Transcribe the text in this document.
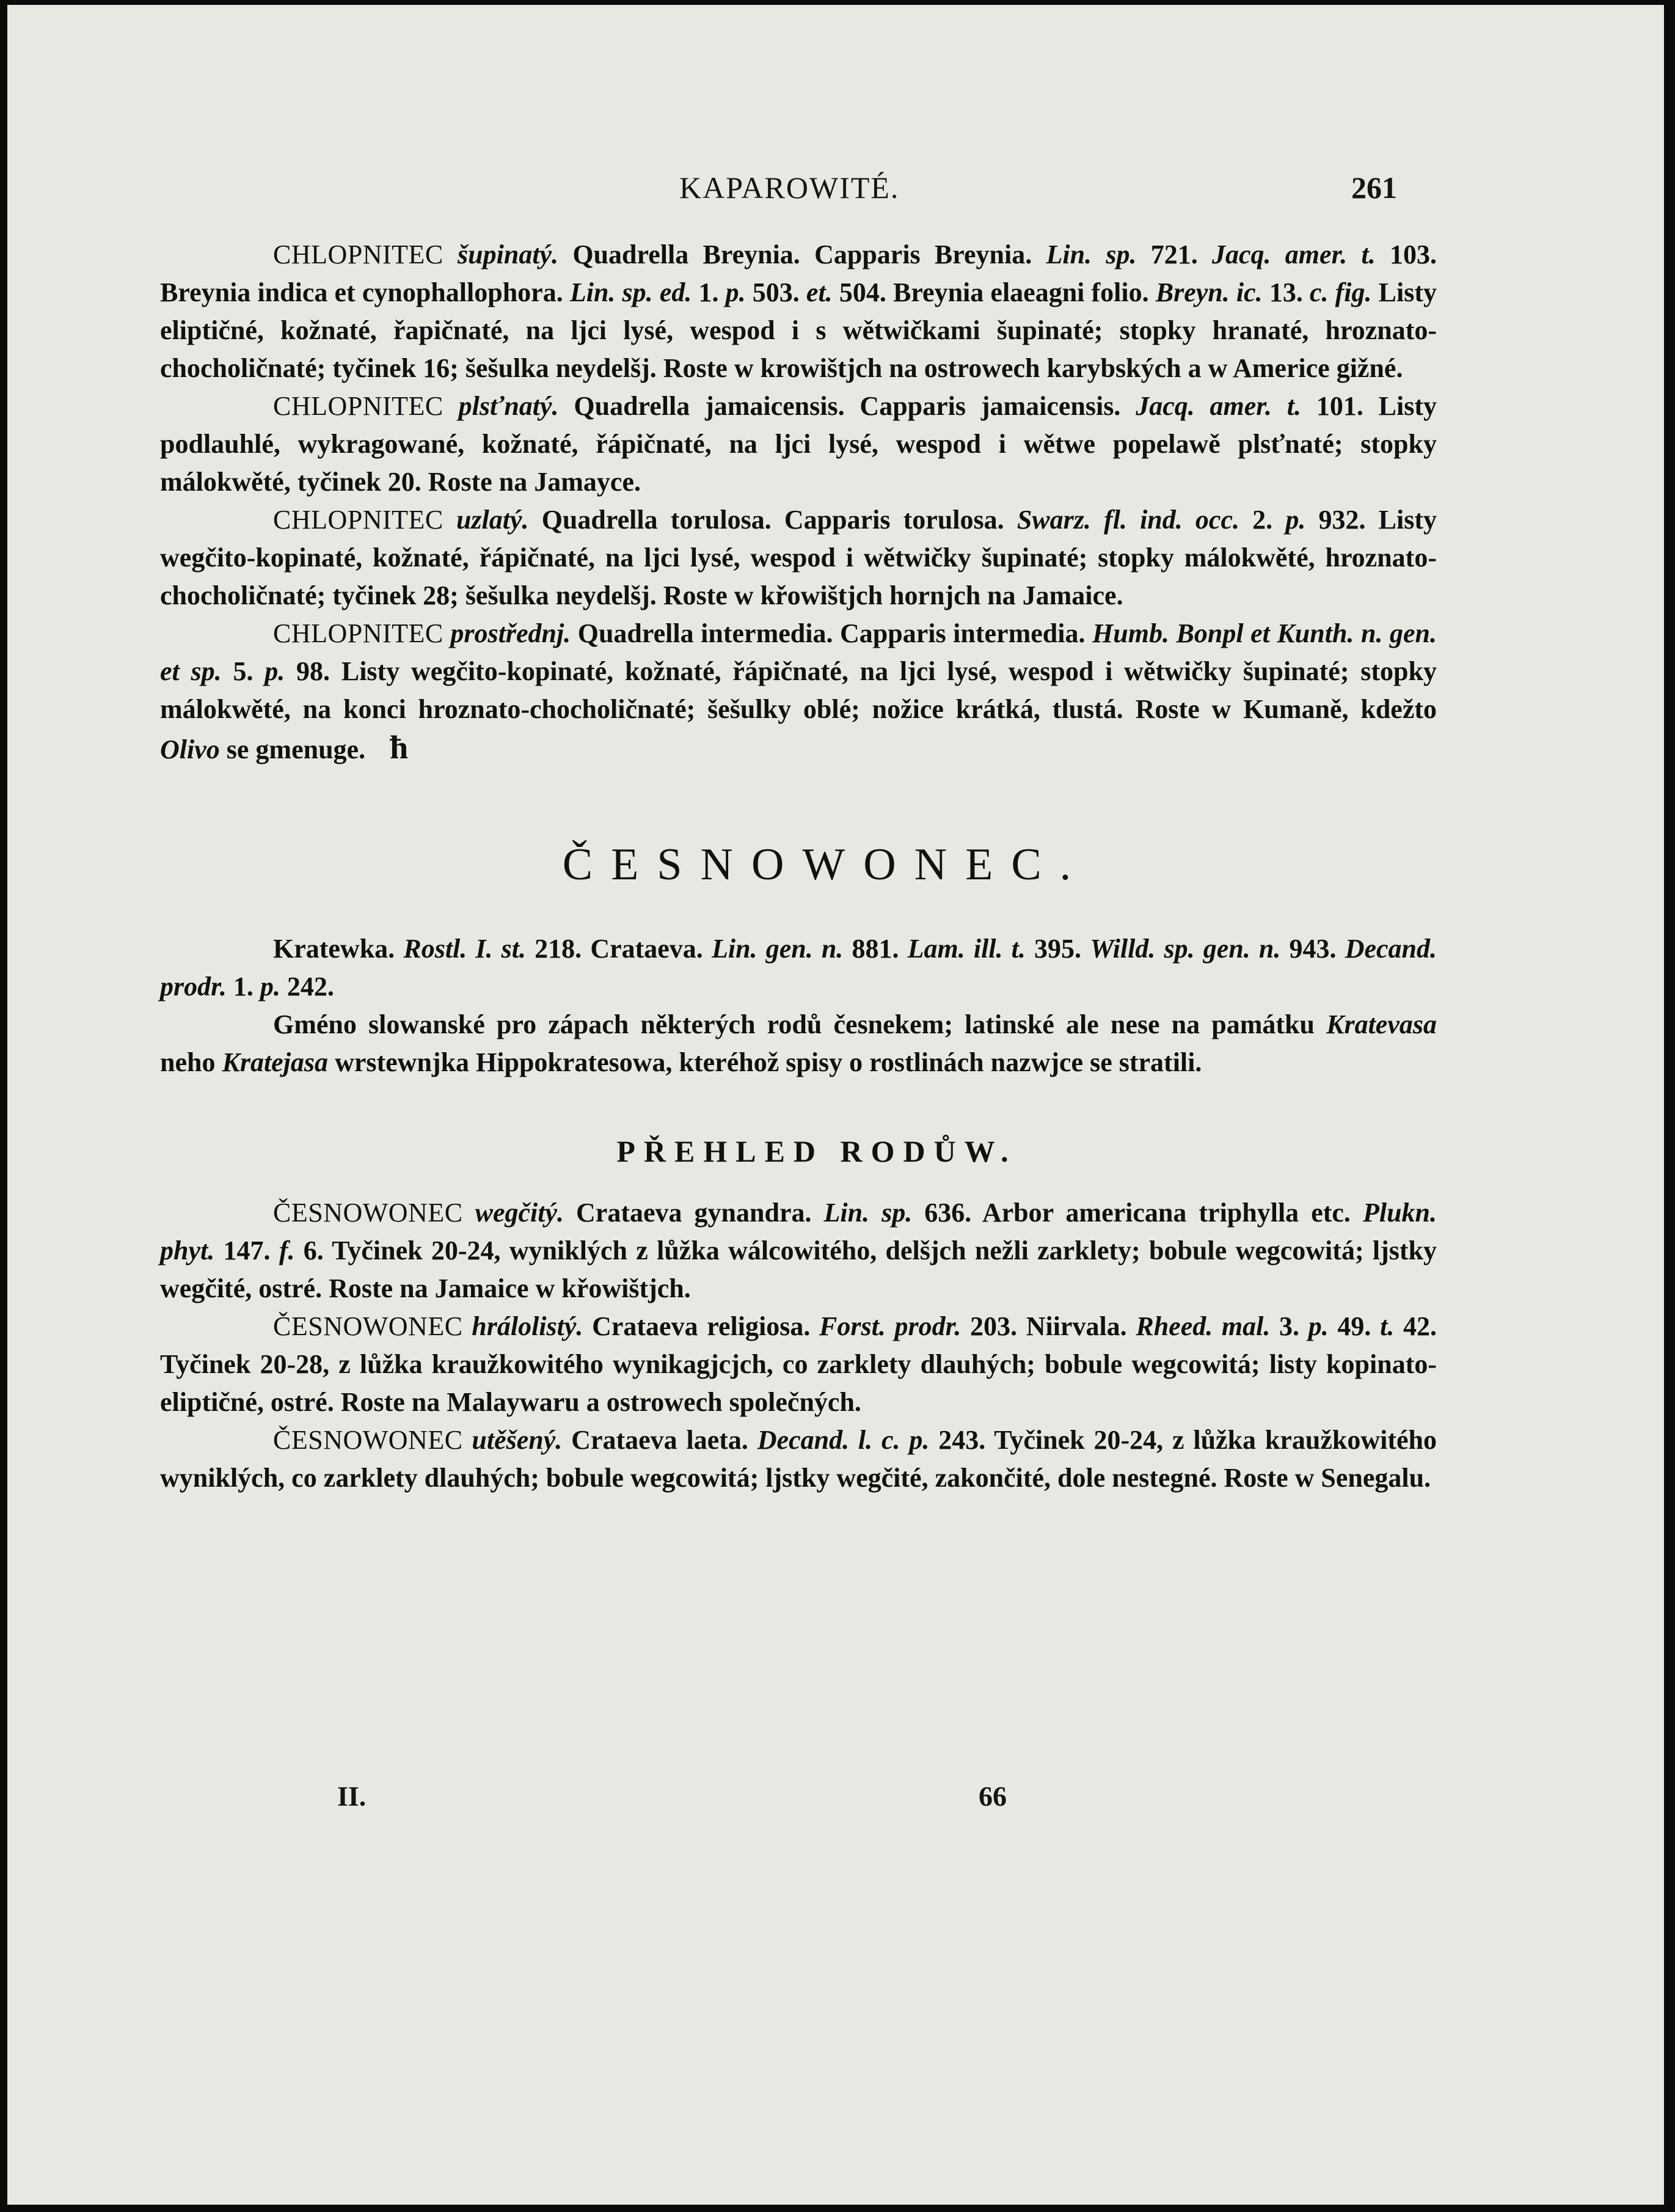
KAPAROWITÉ.	261

CHLOPNITEC šupinatý. Quadrella Breynia. Capparis Breynia. Lin. sp. 721. Jacq. amer. t. 103. Breynia indica et cynophallophora. Lin. sp. ed. 1. p. 503. et. 504. Breynia elaeagni folio. Breyn. ic. 13. c. fig. Listy eliptičné, kožnaté, řapičnaté, na ljci lysé, wespod i s wětwičkami šupinaté; stopky hranaté, hroznato-chocholičnaté; tyčinek 16; šešulka neydelšj. Roste w krowištjch na ostrowech karybských a w Americe gižné.

CHLOPNITEC plsťnatý. Quadrella jamaicensis. Capparis jamaicensis. Jacq. amer. t. 101. Listy podlauhlé, wykragowané, kožnaté, řápičnaté, na ljci lysé, wespod i wětwe popelawě plsťnaté; stopky málokwěté, tyčinek 20. Roste na Jamayce.

CHLOPNITEC uzlatý. Quadrella torulosa. Capparis torulosa. Swarz. fl. ind. occ. 2. p. 932. Listy wegčito-kopinaté, kožnaté, řápičnaté, na ljci lysé, wespod i wětwičky šupinaté; stopky málokwěté, hroznato-chocholičnaté; tyčinek 28; šešulka neydelšj. Roste w křowištjch hornjch na Jamaice.

CHLOPNITEC prostřednj. Quadrella intermedia. Capparis intermedia. Humb. Bonpl et Kunth. n. gen. et sp. 5. p. 98. Listy wegčito-kopinaté, kožnaté, řápičnaté, na ljci lysé, wespod i wětwičky šupinaté; stopky málokwěté, na konci hroznato-chocholičnaté; šešulky oblé; nožice krátká, tlustá. Roste w Kumaně, kdežto Olivo se gmenuge. ħ

ČESNOWONEC.

Kratewka. Rostl. I. st. 218. Crataeva. Lin. gen. n. 881. Lam. ill. t. 395. Willd. sp. gen. n. 943. Decand. prodr. 1. p. 242.

Gméno slowanské pro zápach některých rodů česnekem; latinské ale nese na památku Kratevasa neho Kratejasa wrstewnjka Hippokratesowa, kteréhož spisy o rostlinách nazwjce se stratili.

PŘEHLED RODŮW.

ČESNOWONEC wegčitý. Crataeva gynandra. Lin. sp. 636. Arbor americana triphylla etc. Plukn. phyt. 147. f. 6. Tyčinek 20-24, wyniklých z lůžka wálcowitého, delšjch nežli zarklety; bobule wegcowitá; ljstky wegčité, ostré. Roste na Jamaice w křowištjch.

ČESNOWONEC hrálolistý. Crataeva religiosa. Forst. prodr. 203. Niirvala. Rheed. mal. 3. p. 49. t. 42. Tyčinek 20-28, z lůžka kraužkowitého wynikagjcjch, co zarklety dlauhých; bobule wegcowitá; listy kopinato-eliptičné, ostré. Roste na Malaywaru a ostrowech společných.

ČESNOWONEC utěšený. Crataeva laeta. Decand. l. c. p. 243. Tyčinek 20-24, z lůžka kraužkowitého wyniklých, co zarklety dlauhých; bobule wegcowitá; ljstky wegčité, zakončité, dole nestegné. Roste w Senegalu.

II.	66
